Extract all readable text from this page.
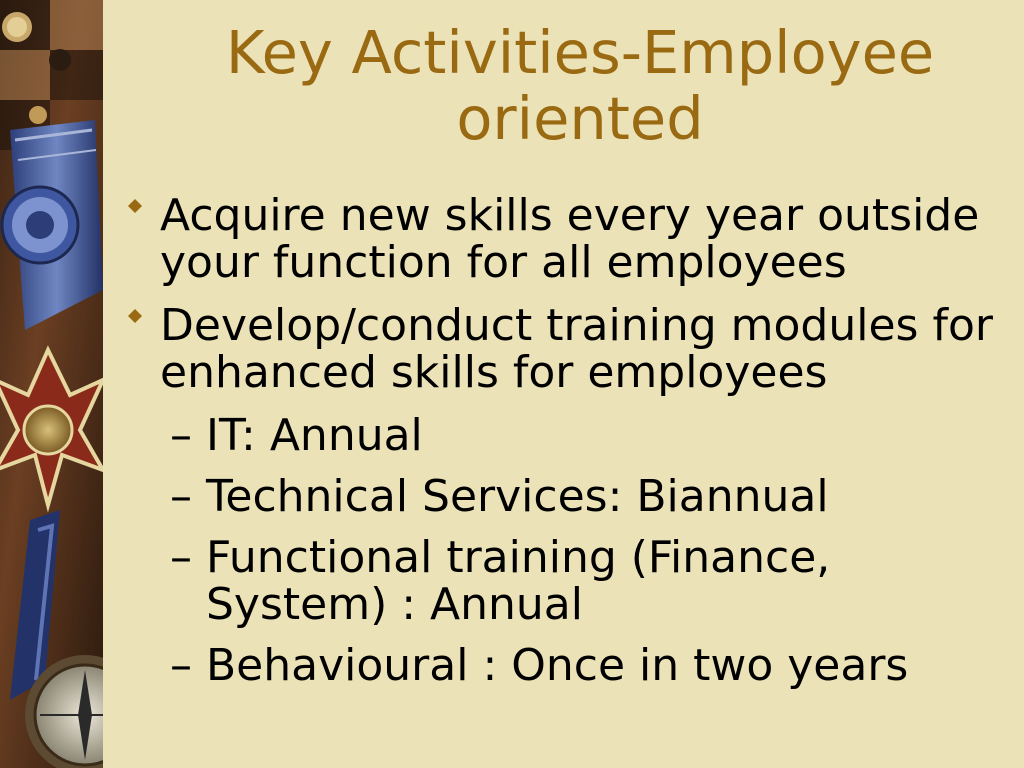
Key Activities-Employee
oriented
Acquire new skills every year outside your function for all employees
Develop/conduct training modules for enhanced skills for employees
– IT: Annual
– Technical Services: Biannual
– Functional training (Finance, System) : Annual
– Behavioural : Once in two years
